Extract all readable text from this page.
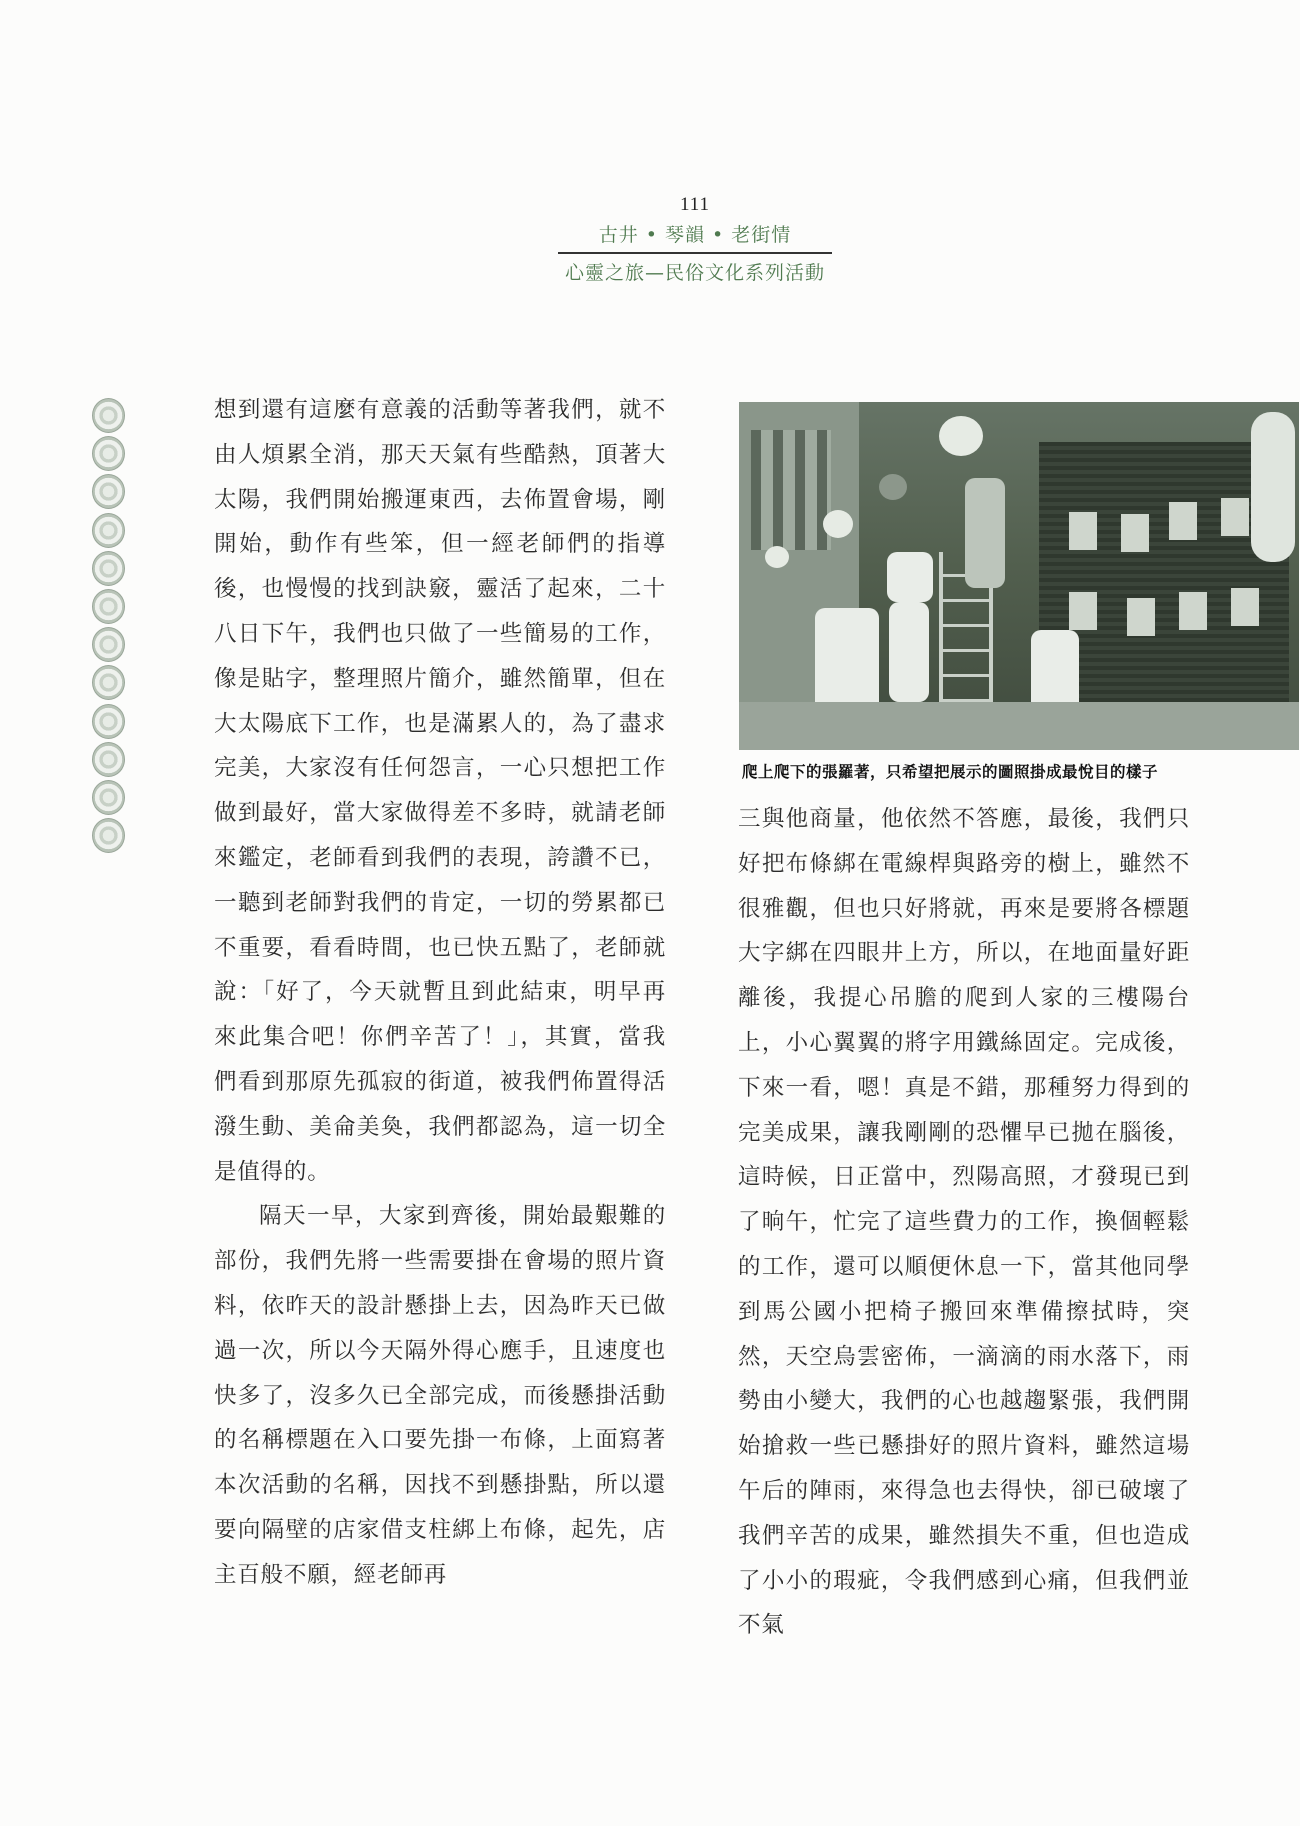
111
古井 • 琴韻 • 老街情
心靈之旅—民俗文化系列活動

想到還有這麼有意義的活動等著我們，就不由人煩累全消，那天天氣有些酷熱，頂著大太陽，我們開始搬運東西，去佈置會場，剛開始，動作有些笨，但一經老師們的指導後，也慢慢的找到訣竅，靈活了起來，二十八日下午，我們也只做了一些簡易的工作，像是貼字，整理照片簡介，雖然簡單，但在大太陽底下工作，也是滿累人的，為了盡求完美，大家沒有任何怨言，一心只想把工作做到最好，當大家做得差不多時，就請老師來鑑定，老師看到我們的表現，誇讚不已，一聽到老師對我們的肯定，一切的勞累都已不重要，看看時間，也已快五點了，老師就說：「好了，今天就暫且到此結束，明早再來此集合吧！你們辛苦了！」，其實，當我們看到那原先孤寂的街道，被我們佈置得活潑生動、美侖美奐，我們都認為，這一切全是值得的。

隔天一早，大家到齊後，開始最艱難的部份，我們先將一些需要掛在會場的照片資料，依昨天的設計懸掛上去，因為昨天已做過一次，所以今天隔外得心應手，且速度也快多了，沒多久已全部完成，而後懸掛活動的名稱標題在入口要先掛一布條，上面寫著本次活動的名稱，因找不到懸掛點，所以還要向隔壁的店家借支柱綁上布條，起先，店主百般不願，經老師再

爬上爬下的張羅著，只希望把展示的圖照掛成最悅目的樣子

三與他商量，他依然不答應，最後，我們只好把布條綁在電線桿與路旁的樹上，雖然不很雅觀，但也只好將就，再來是要將各標題大字綁在四眼井上方，所以，在地面量好距離後，我提心吊膽的爬到人家的三樓陽台上，小心翼翼的將字用鐵絲固定。完成後，下來一看，嗯！真是不錯，那種努力得到的完美成果，讓我剛剛的恐懼早已拋在腦後，這時候，日正當中，烈陽高照，才發現已到了晌午，忙完了這些費力的工作，換個輕鬆的工作，還可以順便休息一下，當其他同學到馬公國小把椅子搬回來準備擦拭時，突然，天空烏雲密佈，一滴滴的雨水落下，雨勢由小變大，我們的心也越趨緊張，我們開始搶救一些已懸掛好的照片資料，雖然這場午后的陣雨，來得急也去得快，卻已破壞了我們辛苦的成果，雖然損失不重，但也造成了小小的瑕疵，令我們感到心痛，但我們並不氣
